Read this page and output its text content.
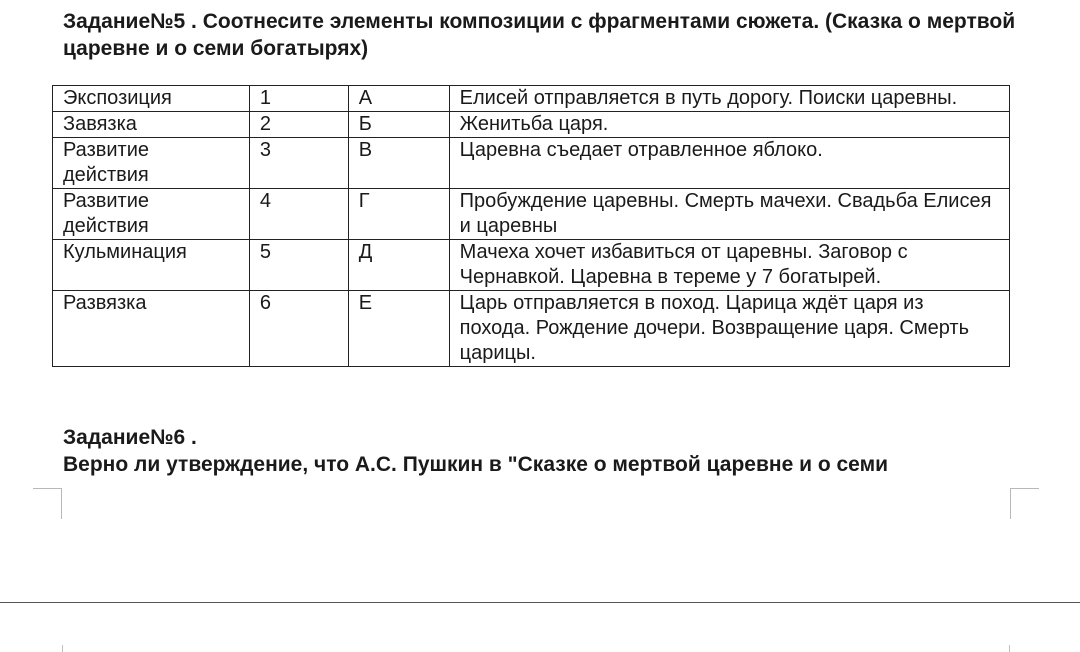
Задание№5 . Соотнесите элементы композиции с фрагментами сюжета. (Сказка о мертвой царевне и о семи богатырях)
Экспозиция	1	А	Елисей отправляется в путь дорогу. Поиски царевны.
Завязка	2	Б	Женитьба царя.
Развитие действия	3	В	Царевна съедает отравленное яблоко.
Развитие действия	4	Г	Пробуждение царевны. Смерть мачехи. Свадьба Елисея и царевны
Кульминация	5	Д	Мачеха хочет избавиться от царевны. Заговор с Чернавкой. Царевна в тереме у 7 богатырей.
Развязка	6	Е	Царь отправляется в поход. Царица ждёт царя из похода. Рождение дочери. Возвращение царя. Смерть царицы.

Задание№6 .

Верно ли утверждение, что А.С. Пушкин в "Сказке о мертвой царевне и о семи
